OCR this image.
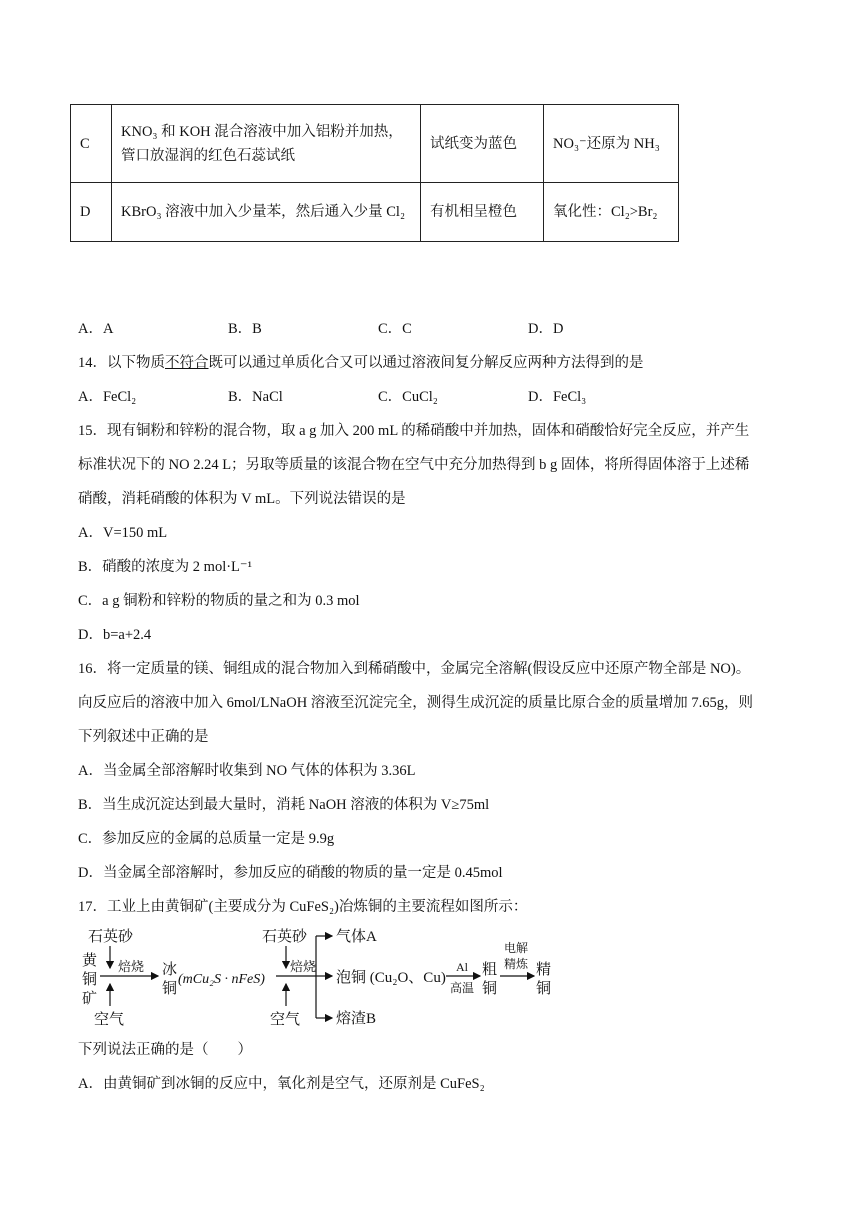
C	KNO₃ 和 KOH 混合溶液中加入铝粉并加热，
管口放湿润的红色石蕊试纸	试纸变为蓝色	NO₃⁻还原为 NH₃
D	KBrO₃ 溶液中加入少量苯，然后通入少量 Cl₂	有机相呈橙色	氧化性：Cl₂>Br₂
A．A	B．B	C．C	D．D
14．以下物质不符合既可以通过单质化合又可以通过溶液间复分解反应两种方法得到的是
A．FeCl₂	B．NaCl	C．CuCl₂	D．FeCl₃
15．现有铜粉和锌粉的混合物，取 a g 加入 200 mL 的稀硝酸中并加热，固体和硝酸恰好完全反应，并产生
标准状况下的 NO 2.24 L；另取等质量的该混合物在空气中充分加热得到 b g 固体，将所得固体溶于上述稀
硝酸，消耗硝酸的体积为 V mL。下列说法错误的是
A．V=150 mL
B．硝酸的浓度为 2 mol·L⁻¹
C．a g 铜粉和锌粉的物质的量之和为 0.3 mol
D．b=a+2.4
16．将一定质量的镁、铜组成的混合物加入到稀硝酸中，金属完全溶解(假设反应中还原产物全部是 NO)。
向反应后的溶液中加入 6mol/LNaOH 溶液至沉淀完全，测得生成沉淀的质量比原合金的质量增加 7.65g，则
下列叙述中正确的是
A．当金属全部溶解时收集到 NO 气体的体积为 3.36L
B．当生成沉淀达到最大量时，消耗 NaOH 溶液的体积为 V≥75ml
C．参加反应的金属的总质量一定是 9.9g
D．当金属全部溶解时，参加反应的硝酸的物质的量一定是 0.45mol
17．工业上由黄铜矿(主要成分为 CuFeS₂)冶炼铜的主要流程如图所示：
石英砂
黄
铜
矿
焙烧
空气
冰
铜
(mCu₂S · nFeS)
石英砂
焙烧
空气
气体A
泡铜 (Cu₂O、Cu)
熔渣B
Al
高温
粗
铜
电解
精炼 精
铜
下列说法正确的是（　　）
A．由黄铜矿到冰铜的反应中，氧化剂是空气，还原剂是 CuFeS₂
